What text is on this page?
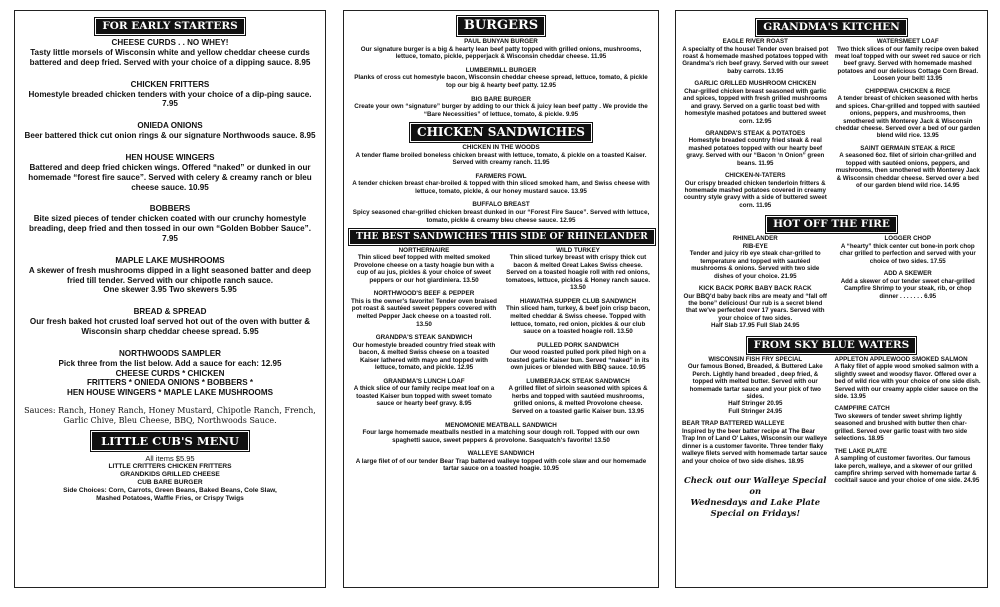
FOR EARLY STARTERS
CHEESE CURDS . . NO WHEY!
Tasty little morsels of Wisconsin white and yellow cheddar cheese curds battered and deep fried. Served with your choice of a dipping sauce. 8.95
CHICKEN FRITTERS
Homestyle breaded chicken tenders with your choice of a dip-ping sauce. 7.95
ONIEDA ONIONS
Beer battered thick cut onion rings & our signature Northwoods sauce. 8.95
HEN HOUSE WINGERS
Battered and deep fried chicken wings. Offered “naked” or dunked in our homemade “forest fire sauce”. Served with celery & creamy ranch or bleu cheese sauce. 10.95
BOBBERS
Bite sized pieces of tender chicken coated with our crunchy homestyle breading, deep fried and then tossed in our own “Golden Bobber Sauce”. 7.95
MAPLE LAKE MUSHROOMS
A skewer of fresh mushrooms dipped in a light seasoned batter and deep fried till tender. Served with our chipotle ranch sauce.
One skewer 3.95 Two skewers 5.95
BREAD & SPREAD
Our fresh baked hot crusted loaf served hot out of the oven with butter & Wisconsin sharp cheddar cheese spread. 5.95
NORTHWOODS SAMPLER
Pick three from the list below. Add a sauce for each: 12.95
CHEESE CURDS * CHICKEN
FRITTERS * ONIEDA ONIONS * BOBBERS *
HEN HOUSE WINGERS * MAPLE LAKE MUSHROOMS
Sauces: Ranch, Honey Ranch, Honey Mustard, Chipotle Ranch, French, Garlic Chive, Bleu Cheese, BBQ, Northwoods Sauce.
LITTLE CUB'S MENU
All items $5.95
LITTLE CRITTERS CHICKEN FRITTERS
GRANDKIDS GRILLED CHEESE
CUB BARE BURGER
Side Choices: Corn, Carrots, Green Beans, Baked Beans, Cole Slaw,
Mashed Potatoes, Waffle Fries, or Crispy Twigs
BURGERS
PAUL BUNYAN BURGER
Our signature burger is a big & hearty lean beef patty topped with grilled onions, mushrooms, lettuce, tomato, pickle, pepperjack & Wisconsin cheddar cheese. 11.95
LUMBERMILL BURGER
Planks of cross cut homestyle bacon, Wisconsin cheddar cheese spread, lettuce, tomato, & pickle top our big & hearty beef patty. 12.95
BIG BARE BURGER
Create your own “signature” burger by adding to our thick & juicy lean beef patty . We provide the “Bare Necessities” of lettuce, tomato, & pickle. 9.95
CHICKEN SANDWICHES
CHICKEN IN THE WOODS
A tender flame broiled boneless chicken breast with lettuce, tomato, & pickle on a toasted Kaiser. Served with creamy ranch. 11.95
FARMERS FOWL
A tender chicken breast char-broiled & topped with thin sliced smoked ham, and Swiss cheese with lettuce, tomato, pickle, & our honey mustard sauce. 13.95
BUFFALO BREAST
Spicy seasoned char-grilled chicken breast dunked in our “Forest Fire Sauce”. Served with lettuce, tomato, pickle & creamy bleu cheese sauce. 12.95
THE BEST SANDWICHES THIS SIDE OF RHINELANDER
NORTHERNAIRE
Thin sliced beef topped with melted smoked Provolone cheese on a tasty hoagie bun with a cup of au jus, pickles & your choice of sweet peppers or our hot giardiniera. 13.50
NORTHWOOD'S BEEF & PEPPER
This is the owner's favorite! Tender oven braised pot roast & sautéed sweet peppers covered with melted Pepper Jack cheese on a toasted roll. 13.50
GRANDPA'S STEAK SANDWICH
Our homestyle breaded country fried steak with bacon, & melted Swiss cheese on a toasted Kaiser lathered with mayo and topped with lettuce, tomato, and pickle. 12.95
GRANDMA'S LUNCH LOAF
A thick slice of our family recipe meat loaf on a toasted Kaiser bun topped with sweet tomato sauce or hearty beef gravy. 8.95
WILD TURKEY
Thin sliced turkey breast with crispy thick cut bacon & melted Great Lakes Swiss cheese. Served on a toasted hoagie roll with red onions, tomatoes, lettuce, pickles & Honey ranch sauce. 13.50
HIAWATHA SUPPER CLUB SANDWICH
Thin sliced ham, turkey, & beef join crisp bacon, melted cheddar & Swiss cheese. Topped with lettuce, tomato, red onion, pickles & our club sauce on a toasted hoagie roll. 13.50
PULLED PORK SANDWICH
Our wood roasted pulled pork piled high on a toasted garlic Kaiser bun. Served “naked” in its own juices or blended with BBQ sauce. 10.95
LUMBERJACK STEAK SANDWICH
A grilled filet of sirloin seasoned with spices & herbs and topped with sautéed mushrooms, grilled onions, & melted Provolone cheese. Served on a toasted garlic Kaiser bun. 13.95
MENOMONIE MEATBALL SANDWICH
Four large homemade meatballs nestled in a matching sour dough roll. Topped with our own spaghetti sauce, sweet peppers & provolone. Sasquatch's favorite! 13.50
WALLEYE SANDWICH
A large filet of of our tender Bear Trap battered walleye topped with cole slaw and our homemade tartar sauce on a toasted hoagie. 10.95
GRANDMA'S KITCHEN
EAGLE RIVER ROAST
A specialty of the house! Tender oven braised pot roast & homemade mashed potatoes topped with Grandma's rich beef gravy. Served with our sweet baby carrots. 13.95
GARLIC GRILLED MUSHROOM CHICKEN
Char-grilled chicken breast seasoned with garlic and spices, topped with fresh grilled mushrooms and gravy. Served on a garlic toast bed with homestyle mashed potatoes and buttered sweet corn. 12.95
GRANDPA'S STEAK & POTATOES
Homestyle breaded country fried steak & real mashed potatoes topped with our hearty beef gravy. Served with our “Bacon ‘n Onion” green beans. 11.95
CHICKEN-N-TATERS
Our crispy breaded chicken tenderloin fritters & homemade mashed potatoes covered in creamy country style gravy with a side of buttered sweet corn. 11.95
WATERSMEET LOAF
Two thick slices of our family recipe oven baked meat loaf topped with our sweet red sauce or rich beef gravy. Served with homemade mashed potatoes and our delicious Cottage Corn Bread. Loosen your belt! 13.95
CHIPPEWA CHICKEN & RICE
A tender breast of chicken seasoned with herbs and spices. Char-grilled and topped with sautéed onions, peppers, and mushrooms, then smothered with Monterey Jack & Wisconsin cheddar cheese. Served over a bed of our garden blend wild rice. 13.95
SAINT GERMAIN STEAK & RICE
A seasoned 6oz. filet of sirloin char-grilled and topped with sautéed onions, peppers, and mushrooms, then smothered with Monterey Jack & Wisconsin cheddar cheese. Served over a bed of our garden blend wild rice. 14.95
HOT OFF THE FIRE
RHINELANDER
RIB-EYE
Tender and juicy rib eye steak char-grilled to temperature and topped with sautéed mushrooms & onions. Served with two side dishes of your choice. 21.95
KICK BACK PORK BABY BACK RACK
Our BBQ'd baby back ribs are meaty and “fall off the bone” delicious! Our rub is a secret blend that we've perfected over 17 years. Served with your choice of two sides.
Half Slab 17.95 Full Slab 24.95
LOGGER CHOP
A “hearty” thick center cut bone-in pork chop char grilled to perfection and served with your choice of two sides. 17.55
ADD A SKEWER
Add a skewer of our tender sweet char-grilled Campfire Shrimp to your steak, rib, or chop dinner . . . . . . . 6.95
FROM SKY BLUE WATERS
WISCONSIN FISH FRY SPECIAL
Our famous Boned, Breaded, & Buttered Lake Perch. Lightly hand breaded , deep fried, & topped with melted butter. Served with our homemade tartar sauce and your pick of two sides.
Half Stringer 20.95
Full Stringer 24.95
BEAR TRAP BATTERED WALLEYE
Inspired by the beer batter recipe at The Bear Trap Inn of Land O' Lakes, Wisconsin our walleye dinner is a customer favorite. Three tender flaky walleye filets served with homemade tartar sauce and your choice of two side dishes. 18.95
Check out our Walleye Special on
Wednesdays and Lake Plate
Special on Fridays!
APPLETON APPLEWOOD SMOKED SALMON
A flaky filet of apple wood smoked salmon with a slightly sweet and woodsy flavor. Offered over a bed of wild rice with your choice of one side dish. Served with our creamy apple cider sauce on the side. 13.95
CAMPFIRE CATCH
Two skewers of tender sweet shrimp lightly seasoned and brushed with butter then char-grilled. Served over garlic toast with two side selections. 18.95
THE LAKE PLATE
A sampling of customer favorites. Our famous lake perch, walleye, and a skewer of our grilled campfire shrimp served with homemade tartar & cocktail sauce and your choice of one side. 24.95
